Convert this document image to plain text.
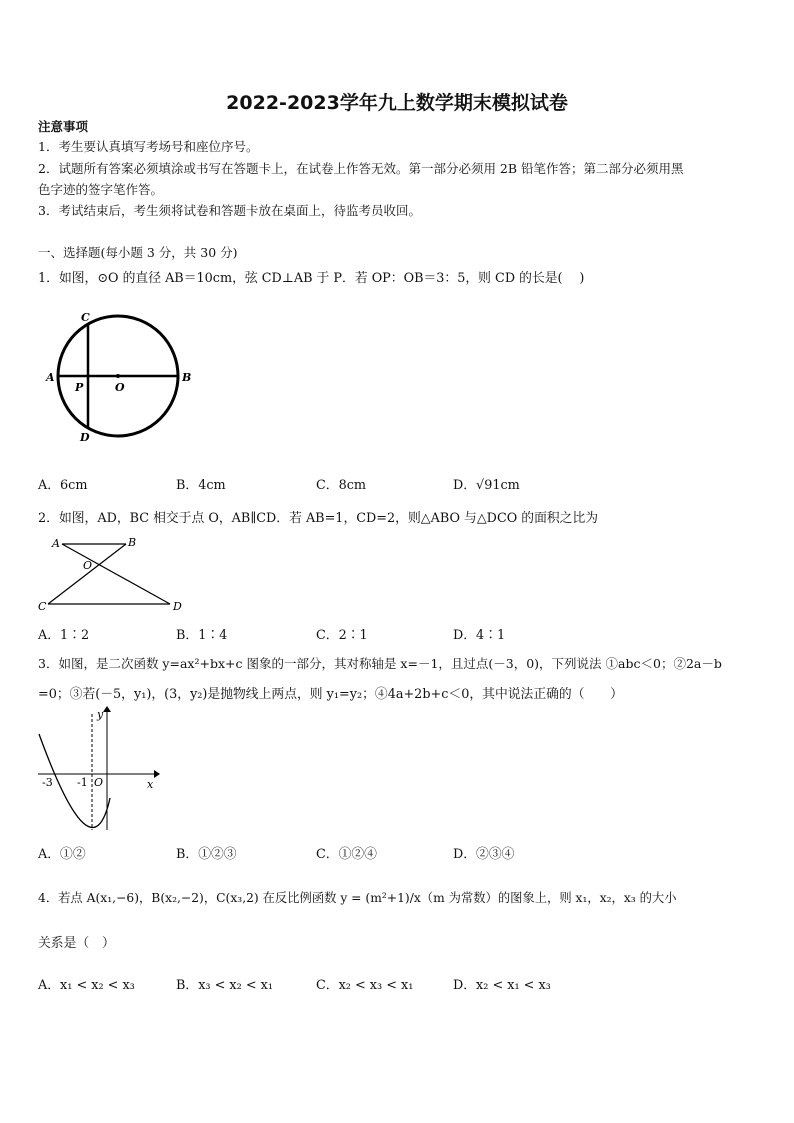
2022-2023学年九上数学期末模拟试卷
注意事项
1．考生要认真填写考场号和座位序号。
2．试题所有答案必须填涂或书写在答题卡上，在试卷上作答无效。第一部分必须用 2B 铅笔作答；第二部分必须用黑
色字迹的签字笔作答。
3．考试结束后，考生须将试卷和答题卡放在桌面上，待监考员收回。
一、选择题(每小题 3 分，共 30 分)
1．如图，⊙O 的直径 AB＝10cm，弦 CD⊥AB 于 P．若 OP：OB＝3：5，则 CD 的长是(　 )
C
A
P	O
B
D
A．6cm	B．4cm	C．8cm	D．√91cm
2．如图，AD，BC 相交于点 O，AB∥CD．若 AB=1，CD=2，则△ABO 与△DCO 的面积之比为
A	B
O
C	D
A．1∶2	B．1∶4	C．2∶1	D．4∶1
3．如图，是二次函数 y=ax²+bx+c 图象的一部分，其对称轴是 x=－1，且过点(－3，0)，下列说法 ①abc＜0；②2a－b
=0；③若(－5，y₁)，(3，y₂)是抛物线上两点，则 y₁=y₂；④4a+2b+c＜0，其中说法正确的（　　）
y
x
-3 -1 O
A．①②	B．①②③	C．①②④	D．②③④
4．若点 A(x₁,−6)，B(x₂,−2)，C(x₃,2) 在反比例函数 y = (m²+1)/x（m 为常数）的图象上，则 x₁，x₂，x₃ 的大小
关系是（　）
A．x₁ < x₂ < x₃	B．x₃ < x₂ < x₁	C．x₂ < x₃ < x₁	D．x₂ < x₁ < x₃
